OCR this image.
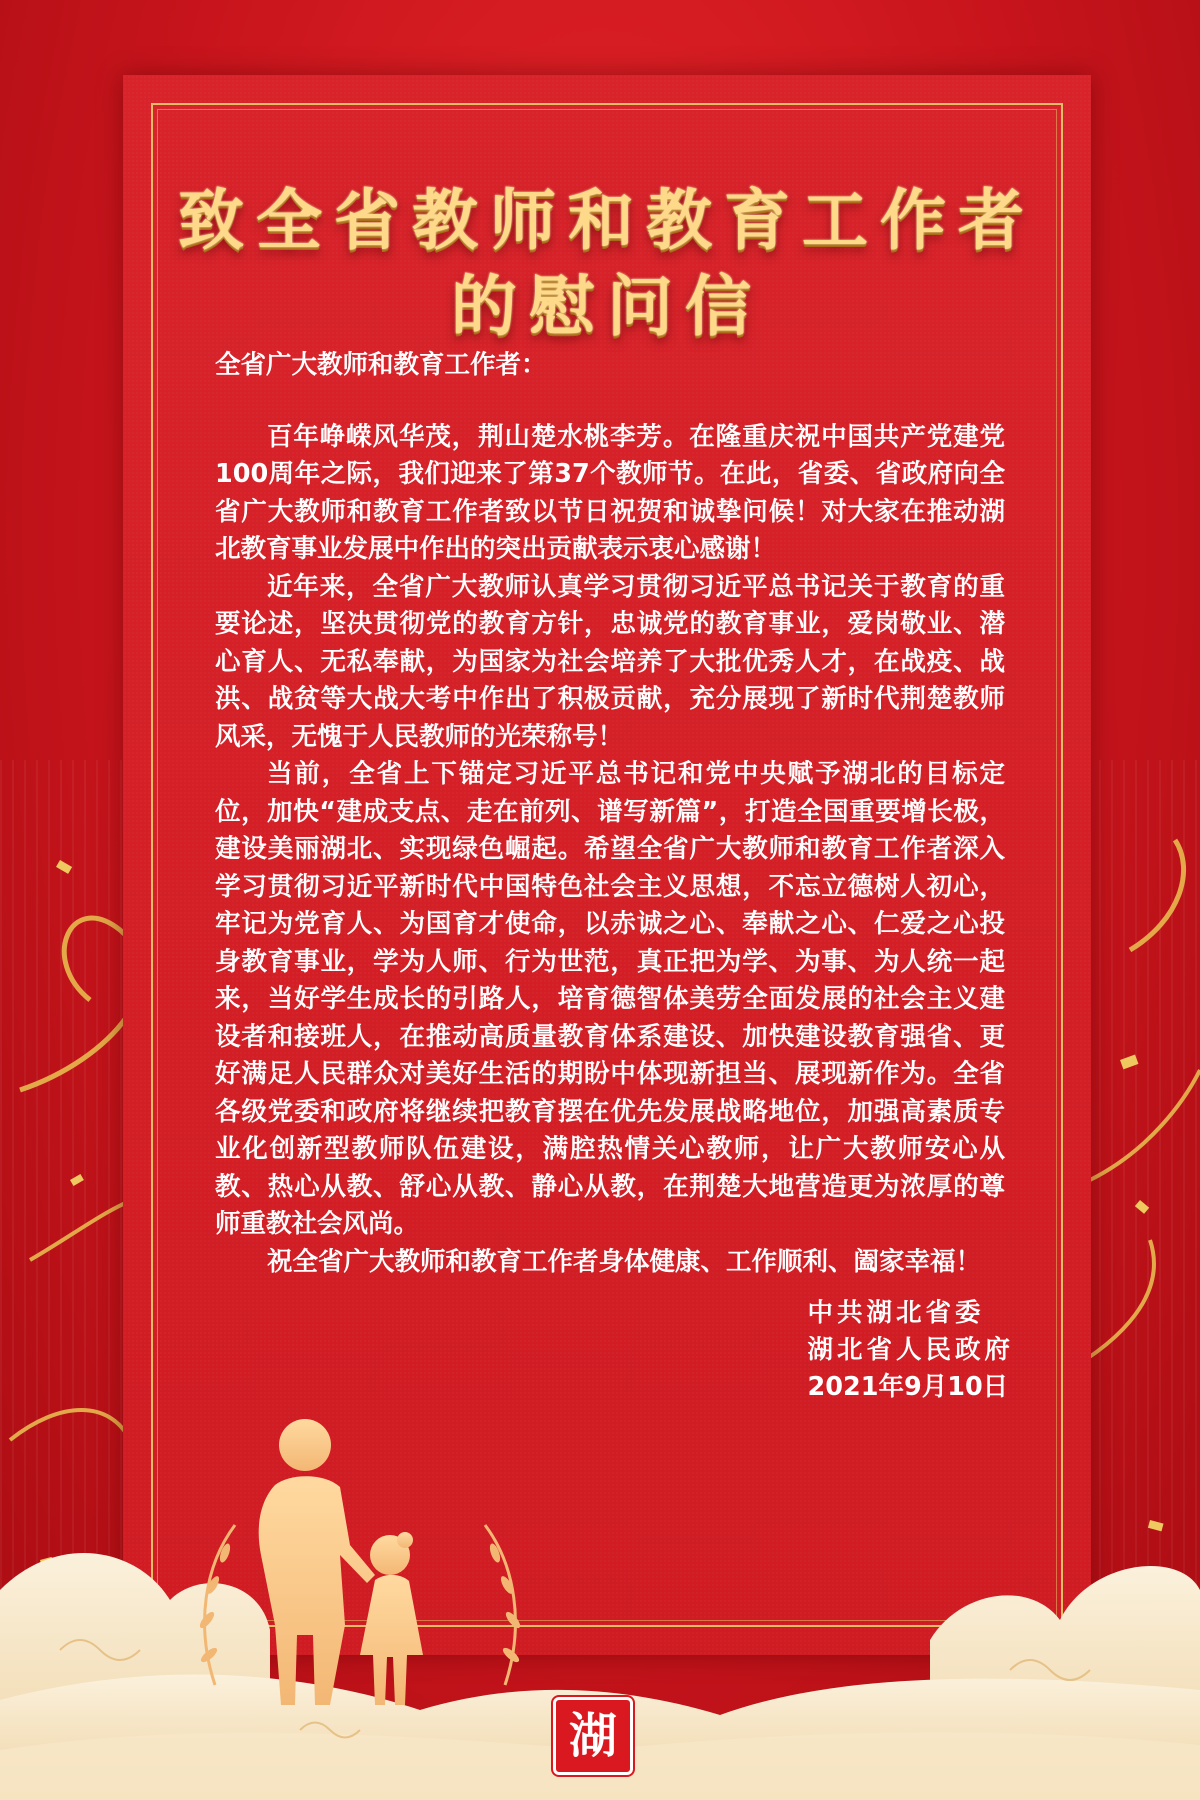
致全省教师和教育工作者
的慰问信

全省广大教师和教育工作者：

百年峥嵘风华茂，荆山楚水桃李芳。在隆重庆祝中国共产党建党100周年之际，我们迎来了第37个教师节。在此，省委、省政府向全省广大教师和教育工作者致以节日祝贺和诚挚问候！对大家在推动湖北教育事业发展中作出的突出贡献表示衷心感谢！

近年来，全省广大教师认真学习贯彻习近平总书记关于教育的重要论述，坚决贯彻党的教育方针，忠诚党的教育事业，爱岗敬业、潜心育人、无私奉献，为国家为社会培养了大批优秀人才，在战疫、战洪、战贫等大战大考中作出了积极贡献，充分展现了新时代荆楚教师风采，无愧于人民教师的光荣称号！

当前，全省上下锚定习近平总书记和党中央赋予湖北的目标定位，加快“建成支点、走在前列、谱写新篇”，打造全国重要增长极，建设美丽湖北、实现绿色崛起。希望全省广大教师和教育工作者深入学习贯彻习近平新时代中国特色社会主义思想，不忘立德树人初心，牢记为党育人、为国育才使命，以赤诚之心、奉献之心、仁爱之心投身教育事业，学为人师、行为世范，真正把为学、为事、为人统一起来，当好学生成长的引路人，培育德智体美劳全面发展的社会主义建设者和接班人，在推动高质量教育体系建设、加快建设教育强省、更好满足人民群众对美好生活的期盼中体现新担当、展现新作为。全省各级党委和政府将继续把教育摆在优先发展战略地位，加强高素质专业化创新型教师队伍建设，满腔热情关心教师，让广大教师安心从教、热心从教、舒心从教、静心从教，在荆楚大地营造更为浓厚的尊师重教社会风尚。

祝全省广大教师和教育工作者身体健康、工作顺利、阖家幸福！

中共湖北省委
湖北省人民政府
2021年9月10日
湖
